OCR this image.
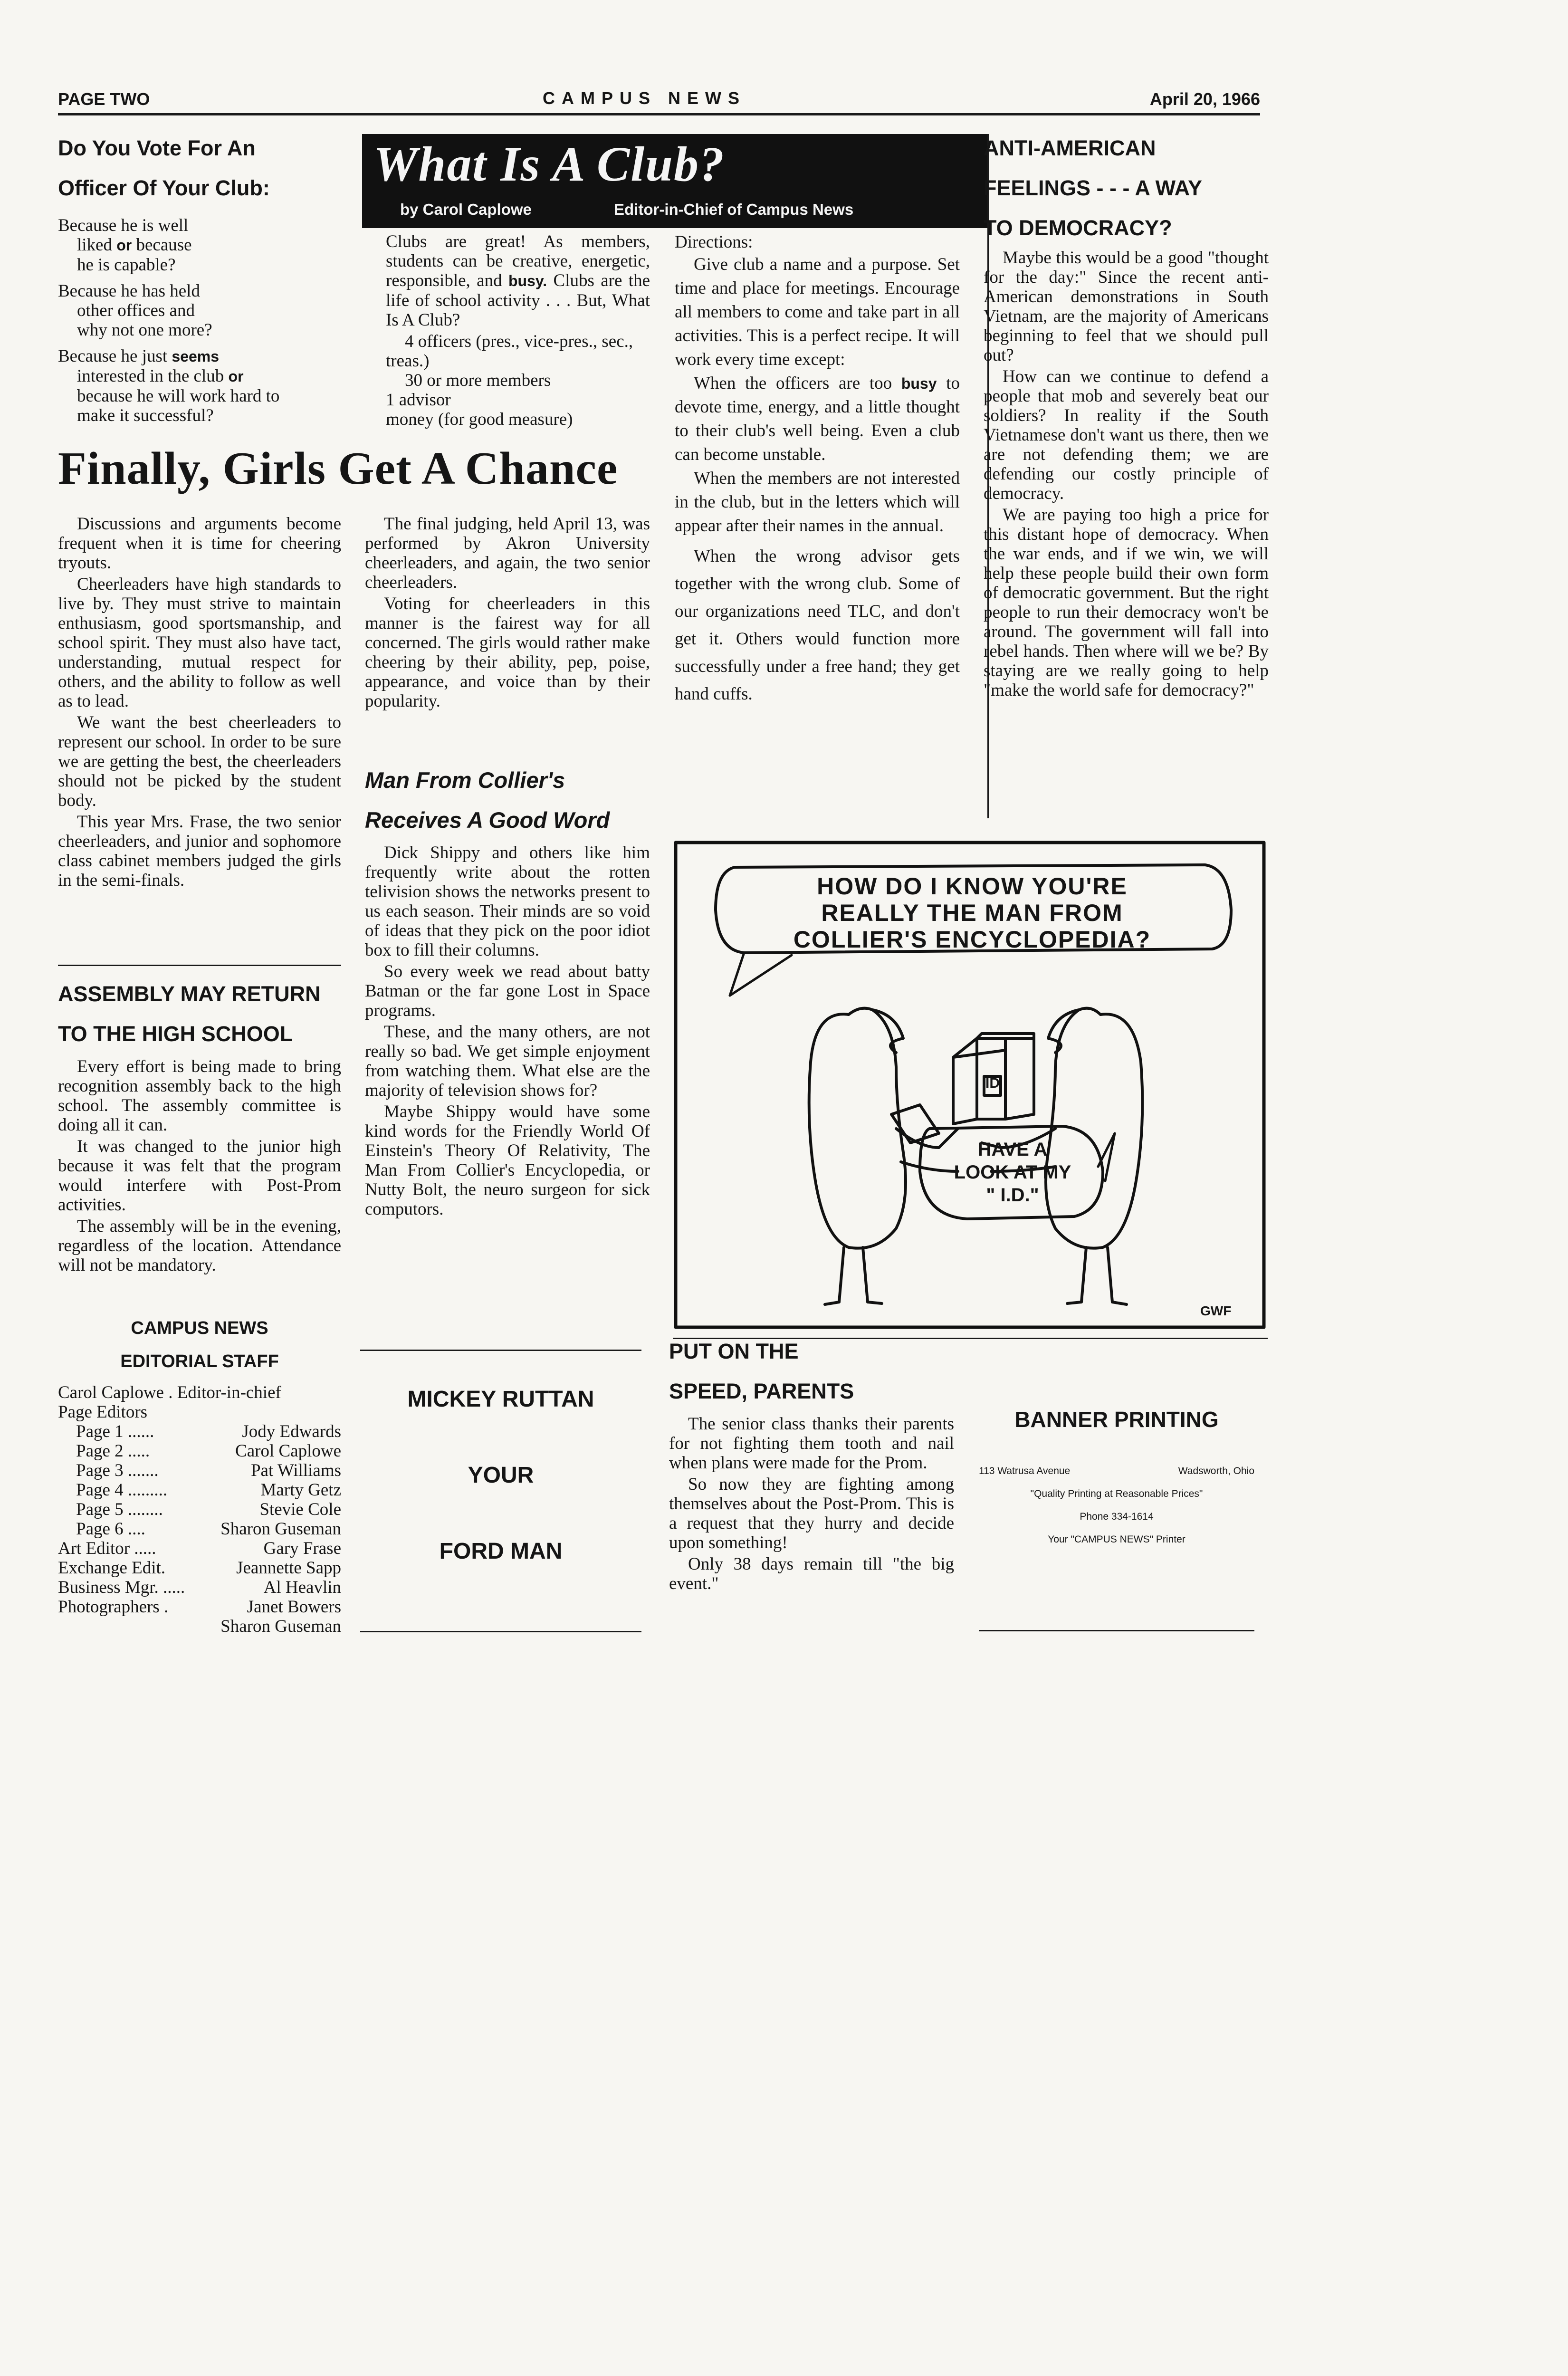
PAGE TWO	CAMPUS NEWS	April 20, 1966
Do You Vote For An
Officer Of Your Club:
Because he is well
liked or because
he is capable?
Because he has held
other offices and
why not one more?
Because he just seems
interested in the club or
because he will work hard to
make it successful?
What Is A Club?
by Carol Caplowe	Editor-in-Chief of Campus News

Clubs are great! As members, students can be creative, energetic, responsible, and busy. Clubs are the life of school activity . . . But, What Is A Club?

4 officers (pres., vice-pres., sec., treas.)
30 or more members
1 advisor
money (for good measure)
Directions:

Give club a name and a purpose. Set time and place for meetings. Encourage all members to come and take part in all activities. This is a perfect recipe. It will work every time except:

When the officers are too busy to devote time, energy, and a little thought to their club's well being. Even a club can become unstable.

When the members are not interested in the club, but in the letters which will appear after their names in the annual.

When the wrong advisor gets together with the wrong club. Some of our organizations need TLC, and don't get it. Others would function more successfully under a free hand; they get hand cuffs.

ANTI-AMERICAN
FEELINGS - - - A WAY
TO DEMOCRACY?

Maybe this would be a good "thought for the day:" Since the recent anti-American demonstrations in South Vietnam, are the majority of Americans beginning to feel that we should pull out?

How can we continue to defend a people that mob and severely beat our soldiers? In reality if the South Vietnamese don't want us there, then we are not defending them; we are defending our costly principle of democracy.

We are paying too high a price for this distant hope of democracy. When the war ends, and if we win, we will help these people build their own form of democratic government. But the right people to run their democracy won't be around. The government will fall into rebel hands. Then where will we be? By staying are we really going to help "make the world safe for democracy?"

Finally, Girls Get A Chance

Discussions and arguments become frequent when it is time for cheering tryouts.

Cheerleaders have high standards to live by. They must strive to maintain enthusiasm, good sportsmanship, and school spirit. They must also have tact, understanding, mutual respect for others, and the ability to follow as well as to lead.

We want the best cheerleaders to represent our school. In order to be sure we are getting the best, the cheerleaders should not be picked by the student body.

This year Mrs. Frase, the two senior cheerleaders, and junior and sophomore class cabinet members judged the girls in the semi-finals.

The final judging, held April 13, was performed by Akron University cheerleaders, and again, the two senior cheerleaders.

Voting for cheerleaders in this manner is the fairest way for all concerned. The girls would rather make cheering by their ability, pep, poise, appearance, and voice than by their popularity.

ASSEMBLY MAY RETURN
TO THE HIGH SCHOOL

Every effort is being made to bring recognition assembly back to the high school. The assembly committee is doing all it can.

It was changed to the junior high because it was felt that the program would interfere with Post-Prom activities.

The assembly will be in the evening, regardless of the location. Attendance will not be mandatory.

CAMPUS NEWS
EDITORIAL STAFF
Carol Caplowe . Editor-in-chief
Page Editors
Page 1 ......	Jody Edwards
Page 2 .....	Carol Caplowe
Page 3 .......	Pat Williams
Page 4 .........	Marty Getz
Page 5 ........	Stevie Cole
Page 6 ....	Sharon Guseman
Art Editor .....	Gary Frase
Exchange Edit.	Jeannette Sapp
Business Mgr. .....	Al Heavlin
Photographers .	Janet Bowers
Sharon Guseman
Man From Collier's
Receives A Good Word

Dick Shippy and others like him frequently write about the rotten telivision shows the networks present to us each season. Their minds are so void of ideas that they pick on the poor idiot box to fill their columns.

So every week we read about batty Batman or the far gone Lost in Space programs.

These, and the many others, are not really so bad. We get simple enjoyment from watching them. What else are the majority of television shows for?

Maybe Shippy would have some kind words for the Friendly World Of Einstein's Theory Of Relativity, The Man From Collier's Encyclopedia, or Nutty Bolt, the neuro surgeon for sick computors.

MICKEY RUTTAN
YOUR
FORD MAN
HOW DO I KNOW YOU'RE
REALLY THE MAN FROM
COLLIER'S ENCYCLOPEDIA?
ID
HAVE A
LOOK AT MY
" I.D."
GWF
PUT ON THE
SPEED, PARENTS

The senior class thanks their parents for not fighting them tooth and nail when plans were made for the Prom.

So now they are fighting among themselves about the Post-Prom. This is a request that they hurry and decide upon something!

Only 38 days remain till "the big event."

BANNER PRINTING
113 Watrusa Avenue	Wadsworth, Ohio
"Quality Printing at Reasonable Prices"
Phone 334-1614
Your "CAMPUS NEWS" Printer
